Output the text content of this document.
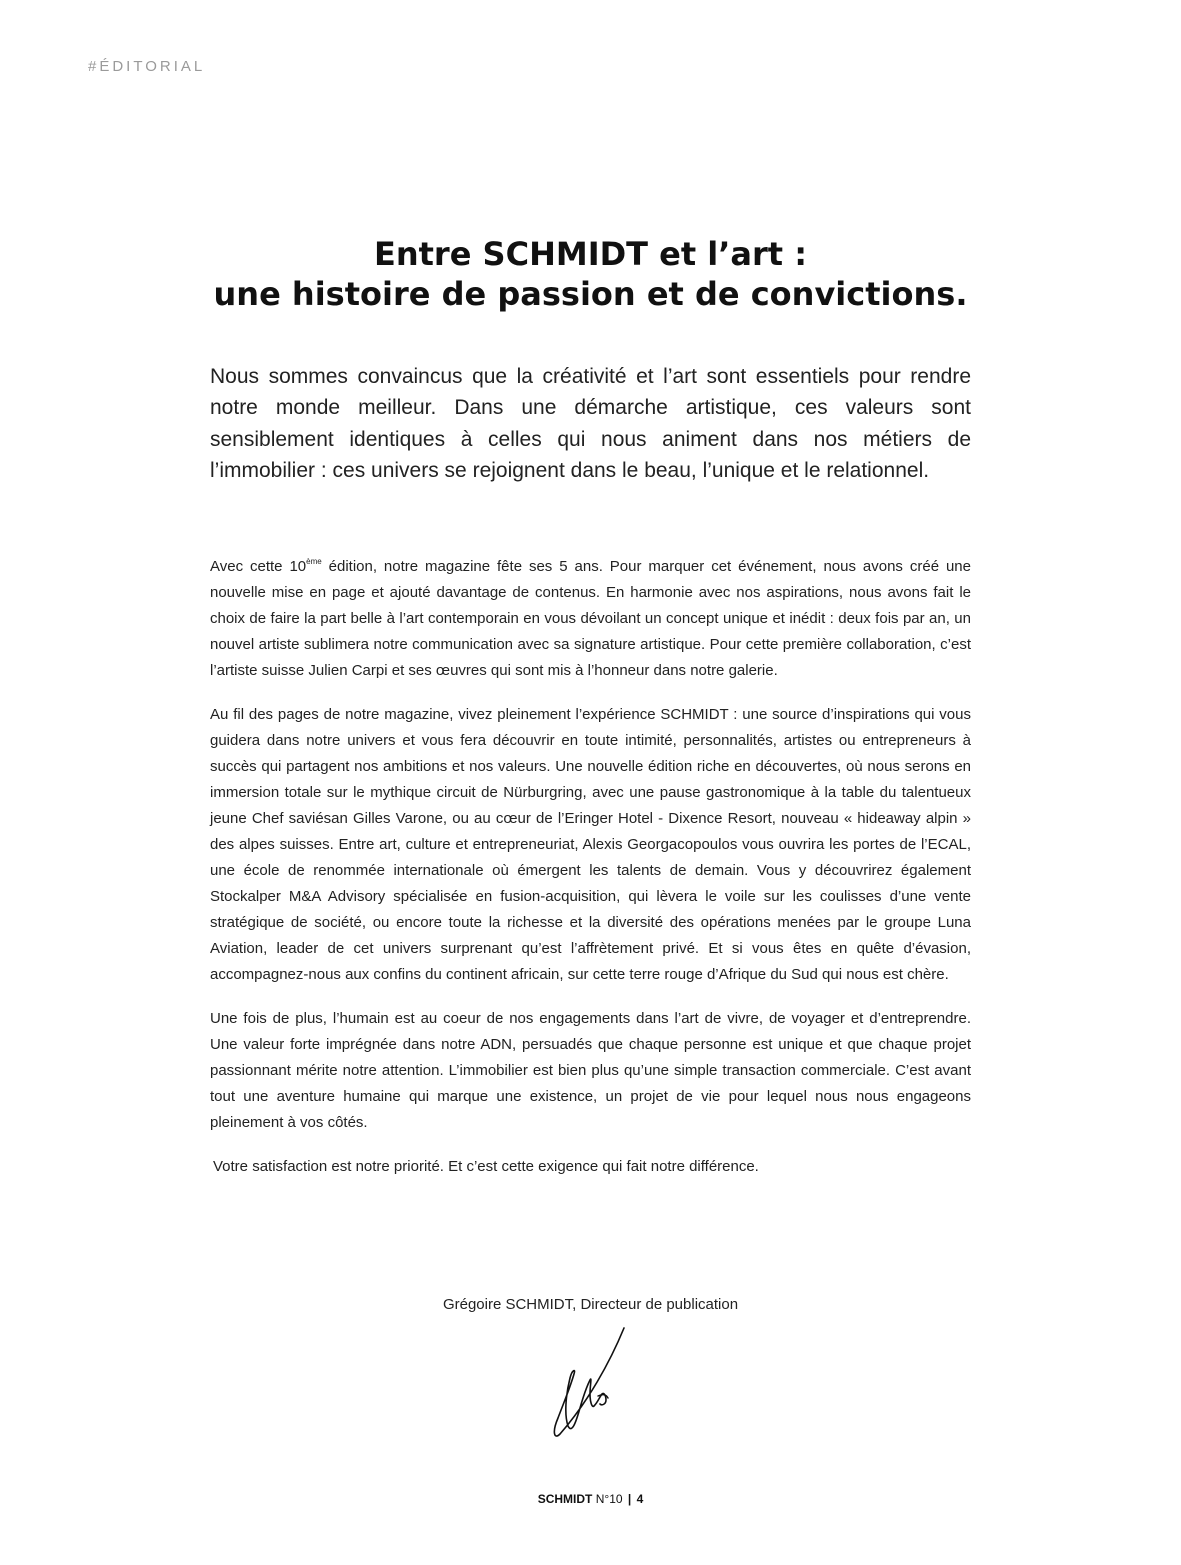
#ÉDITORIAL
Entre SCHMIDT et l’art :
une histoire de passion et de convictions.

Nous sommes convaincus que la créativité et l’art sont essentiels pour rendre notre monde meilleur. Dans une démarche artistique, ces valeurs sont sensiblement identiques à celles qui nous animent dans nos métiers de l’immobilier : ces univers se rejoignent dans le beau, l’unique et le relationnel.

Avec cette 10ème édition, notre magazine fête ses 5 ans. Pour marquer cet événement, nous avons créé une nouvelle mise en page et ajouté davantage de contenus. En harmonie avec nos aspirations, nous avons fait le choix de faire la part belle à l’art contemporain en vous dévoilant un concept unique et inédit : deux fois par an, un nouvel artiste sublimera notre communication avec sa signature artistique. Pour cette première collaboration, c’est l’artiste suisse Julien Carpi et ses œuvres qui sont mis à l’honneur dans notre galerie.

Au fil des pages de notre magazine, vivez pleinement l’expérience SCHMIDT : une source d’inspirations qui vous guidera dans notre univers et vous fera découvrir en toute intimité, personnalités, artistes ou entrepreneurs à succès qui partagent nos ambitions et nos valeurs. Une nouvelle édition riche en découvertes, où nous serons en immersion totale sur le mythique circuit de Nürburgring, avec une pause gastronomique à la table du talentueux jeune Chef saviésan Gilles Varone, ou au cœur de l’Eringer Hotel - Dixence Resort, nouveau « hideaway alpin » des alpes suisses. Entre art, culture et entrepreneuriat, Alexis Georgacopoulos vous ouvrira les portes de l’ECAL, une école de renommée internationale où émergent les talents de demain. Vous y découvrirez également Stockalper M&A Advisory spécialisée en fusion-acquisition, qui lèvera le voile sur les coulisses d’une vente stratégique de société, ou encore toute la richesse et la diversité des opérations menées par le groupe Luna Aviation, leader de cet univers surprenant qu’est l’affrètement privé. Et si vous êtes en quête d’évasion, accompagnez-nous aux confins du continent africain, sur cette terre rouge d’Afrique du Sud qui nous est chère.

Une fois de plus, l’humain est au coeur de nos engagements dans l’art de vivre, de voyager et d’entreprendre. Une valeur forte imprégnée dans notre ADN, persuadés que chaque personne est unique et que chaque projet passionnant mérite notre attention. L’immobilier est bien plus qu’une simple transaction commerciale. C’est avant tout une aventure humaine qui marque une existence, un projet de vie pour lequel nous nous engageons pleinement à vos côtés.

Votre satisfaction est notre priorité. Et c’est cette exigence qui fait notre différence.

Grégoire SCHMIDT, Directeur de publication
SCHMIDT N°10 | 4
